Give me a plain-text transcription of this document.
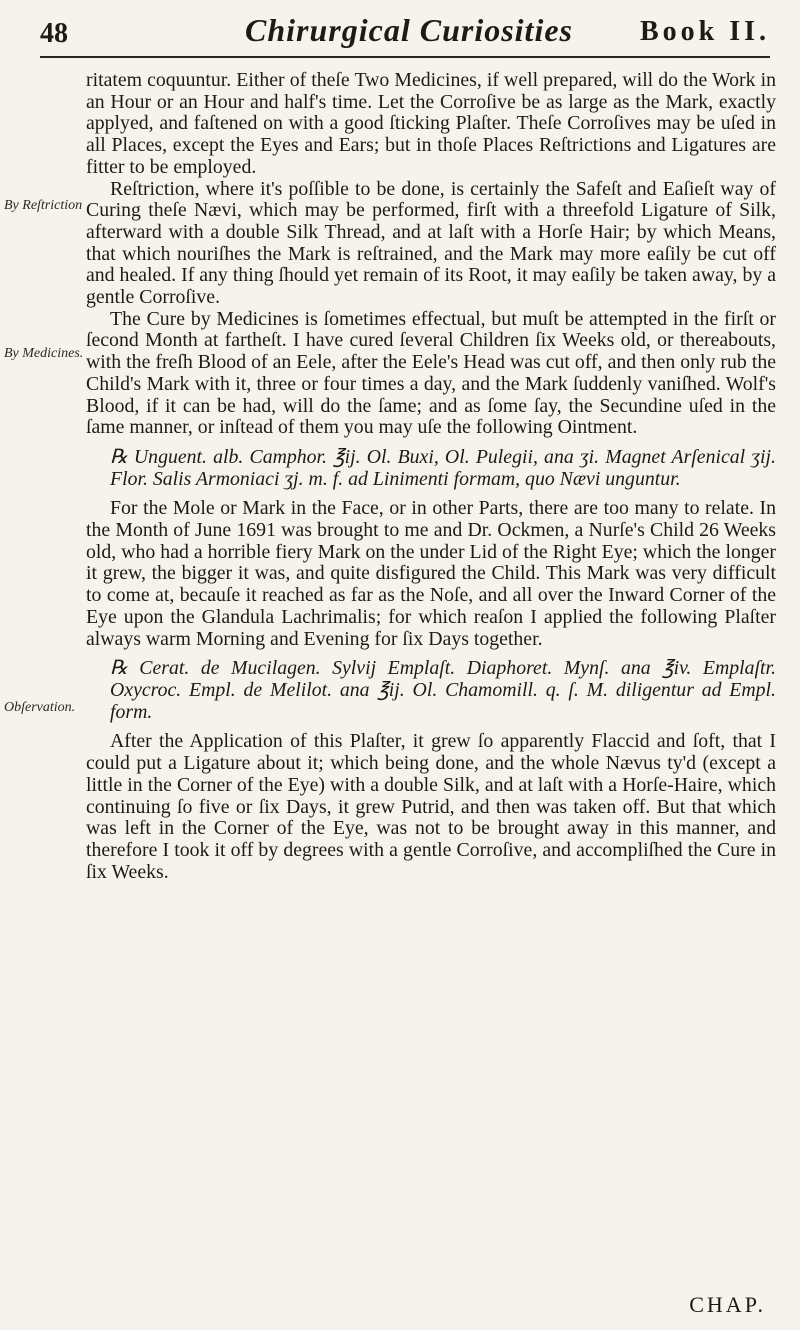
48	Chirurgical Curiosities Book II.
By Reſtriction
By Medicines.
Obſervation.

ritatem coquuntur. Either of theſe Two Medicines, if well prepared, will do the Work in an Hour or an Hour and half's time. Let the Corroſive be as large as the Mark, exactly applyed, and faſtened on with a good ſticking Plaſter. Theſe Corroſives may be uſed in all Places, except the Eyes and Ears; but in thoſe Places Reſtrictions and Ligatures are fitter to be employed.

Reſtriction, where it's poſſible to be done, is certainly the Safeſt and Eaſieſt way of Curing theſe Nævi, which may be performed, firſt with a threefold Ligature of Silk, afterward with a double Silk Thread, and at laſt with a Horſe Hair; by which Means, that which nouriſhes the Mark is reſtrained, and the Mark may more eaſily be cut off and healed. If any thing ſhould yet remain of its Root, it may eaſily be taken away, by a gentle Corroſive.

The Cure by Medicines is ſometimes effectual, but muſt be attempted in the firſt or ſecond Month at fartheſt. I have cured ſeveral Children ſix Weeks old, or thereabouts, with the freſh Blood of an Eele, after the Eele's Head was cut off, and then only rub the Child's Mark with it, three or four times a day, and the Mark ſuddenly vaniſhed. Wolf's Blood, if it can be had, will do the ſame; and as ſome ſay, the Secundine uſed in the ſame manner, or inſtead of them you may uſe the following Ointment.

℞ Unguent. alb. Camphor. ℥ij. Ol. Buxi, Ol. Pulegii, ana ʒi. Magnet Arſenical ʒij. Flor. Salis Armoniaci ʒj. m. f. ad Linimenti formam, quo Nævi unguntur.

For the Mole or Mark in the Face, or in other Parts, there are too many to relate. In the Month of June 1691 was brought to me and Dr. Ockmen, a Nurſe's Child 26 Weeks old, who had a horrible fiery Mark on the under Lid of the Right Eye; which the longer it grew, the bigger it was, and quite disfigured the Child. This Mark was very difficult to come at, becauſe it reached as far as the Noſe, and all over the Inward Corner of the Eye upon the Glandula Lachrimalis; for which reaſon I applied the following Plaſter always warm Morning and Evening for ſix Days together.

℞ Cerat. de Mucilagen. Sylvij Emplaſt. Diaphoret. Mynſ. ana ℥iv. Emplaſtr. Oxycroc. Empl. de Melilot. ana ℥ij. Ol. Chamomill. q. ſ. M. diligentur ad Empl. form.

After the Application of this Plaſter, it grew ſo apparently Flaccid and ſoft, that I could put a Ligature about it; which being done, and the whole Nævus ty'd (except a little in the Corner of the Eye) with a double Silk, and at laſt with a Horſe-Haire, which continuing ſo five or ſix Days, it grew Putrid, and then was taken off. But that which was left in the Corner of the Eye, was not to be brought away in this manner, and therefore I took it off by degrees with a gentle Corroſive, and accompliſhed the Cure in ſix Weeks.

CHAP.
